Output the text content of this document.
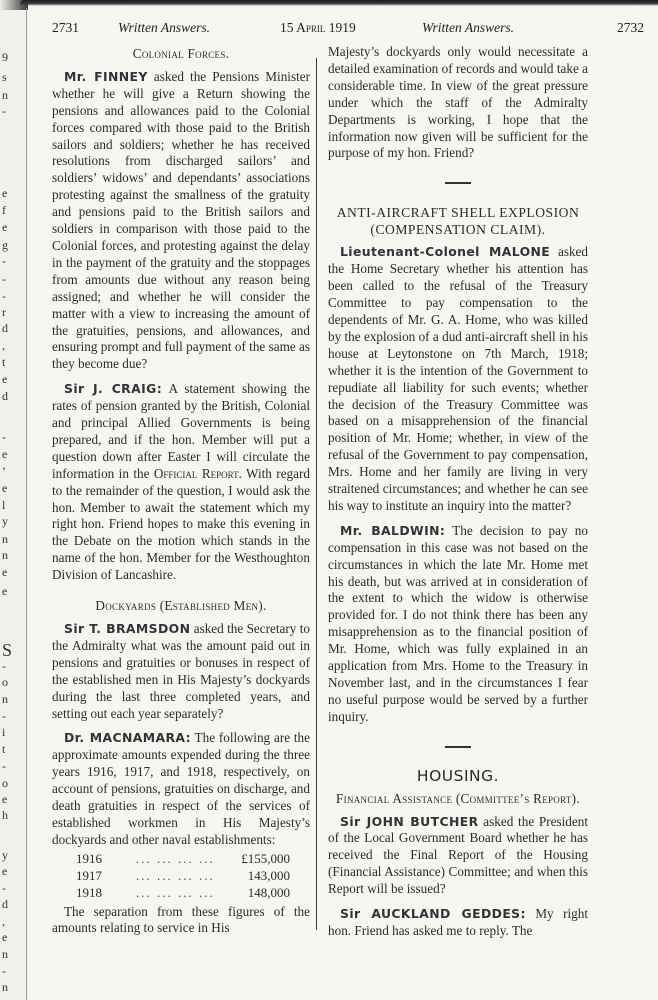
9
s
n
-
e
f
e
g
-
-
-
r
d
,
t
e
d
-
e
’
e
l
y
n
n
e
e
S
-
o
n
-
i
t
-
o
e
h
y
e
-
d
,
e
n
-
n
2731	Written Answers.	15 April 1919	Written Answers.	2732
Colonial Forces.

Mr. FINNEY asked the Pensions Minister whether he will give a Return showing the pensions and allowances paid to the Colonial forces compared with those paid to the British sailors and soldiers; whether he has received resolutions from discharged sailors’ and soldiers’ widows’ and dependants’ associations protesting against the smallness of the gratuity and pensions paid to the British sailors and soldiers in comparison with those paid to the Colonial forces, and protesting against the delay in the payment of the gratuity and the stoppages from amounts due without any reason being assigned; and whether he will consider the matter with a view to increasing the amount of the gratuities, pensions, and allowances, and ensuring prompt and full payment of the same as they become due?

Sir J. CRAIG: A statement showing the rates of pension granted by the British, Colonial and principal Allied Governments is being prepared, and if the hon. Member will put a question down after Easter I will circulate the information in the Official Report. With regard to the remainder of the question, I would ask the hon. Member to await the statement which my right hon. Friend hopes to make this evening in the Debate on the motion which stands in the name of the hon. Member for the Westhoughton Division of Lancashire.

Dockyards (Established Men).

Sir T. BRAMSDON asked the Secretary to the Admiralty what was the amount paid out in pensions and gratuities or bonuses in respect of the established men in His Majesty’s dockyards during the last three completed years, and setting out each year separately?

Dr. MACNAMARA: The following are the approximate amounts expended during the three years 1916, 1917, and 1918, respectively, on account of pensions, gratuities on discharge, and death gratuities in respect of the services of established workmen in His Majesty’s dockyards and other naval establishments:

1916	... ... ... ...	£155,000
1917	... ... ... ...	143,000
1918	... ... ... ...	148,000

The separation from these figures of the amounts relating to service in His

Majesty’s dockyards only would necessitate a detailed examination of records and would take a considerable time. In view of the great pressure under which the staff of the Admiralty Departments is working, I hope that the information now given will be sufficient for the purpose of my hon. Friend?

ANTI-AIRCRAFT SHELL EXPLOSION
(COMPENSATION CLAIM).

Lieutenant-Colonel MALONE asked the Home Secretary whether his attention has been called to the refusal of the Treasury Committee to pay compensation to the dependents of Mr. G. A. Home, who was killed by the explosion of a dud anti-aircraft shell in his house at Leytonstone on 7th March, 1918; whether it is the intention of the Government to repudiate all liability for such events; whether the decision of the Treasury Committee was based on a misapprehension of the financial position of Mr. Home; whether, in view of the refusal of the Government to pay compensation, Mrs. Home and her family are living in very straitened circumstances; and whether he can see his way to institute an inquiry into the matter?

Mr. BALDWIN: The decision to pay no compensation in this case was not based on the circumstances in which the late Mr. Home met his death, but was arrived at in consideration of the extent to which the widow is otherwise provided for. I do not think there has been any misapprehension as to the financial position of Mr. Home, which was fully explained in an application from Mrs. Home to the Treasury in November last, and in the circumstances I fear no useful purpose would be served by a further inquiry.

HOUSING.
Financial Assistance (Committee’s Report).

Sir JOHN BUTCHER asked the President of the Local Government Board whether he has received the Final Report of the Housing (Financial Assistance) Committee; and when this Report will be issued?

Sir AUCKLAND GEDDES: My right hon. Friend has asked me to reply. The
